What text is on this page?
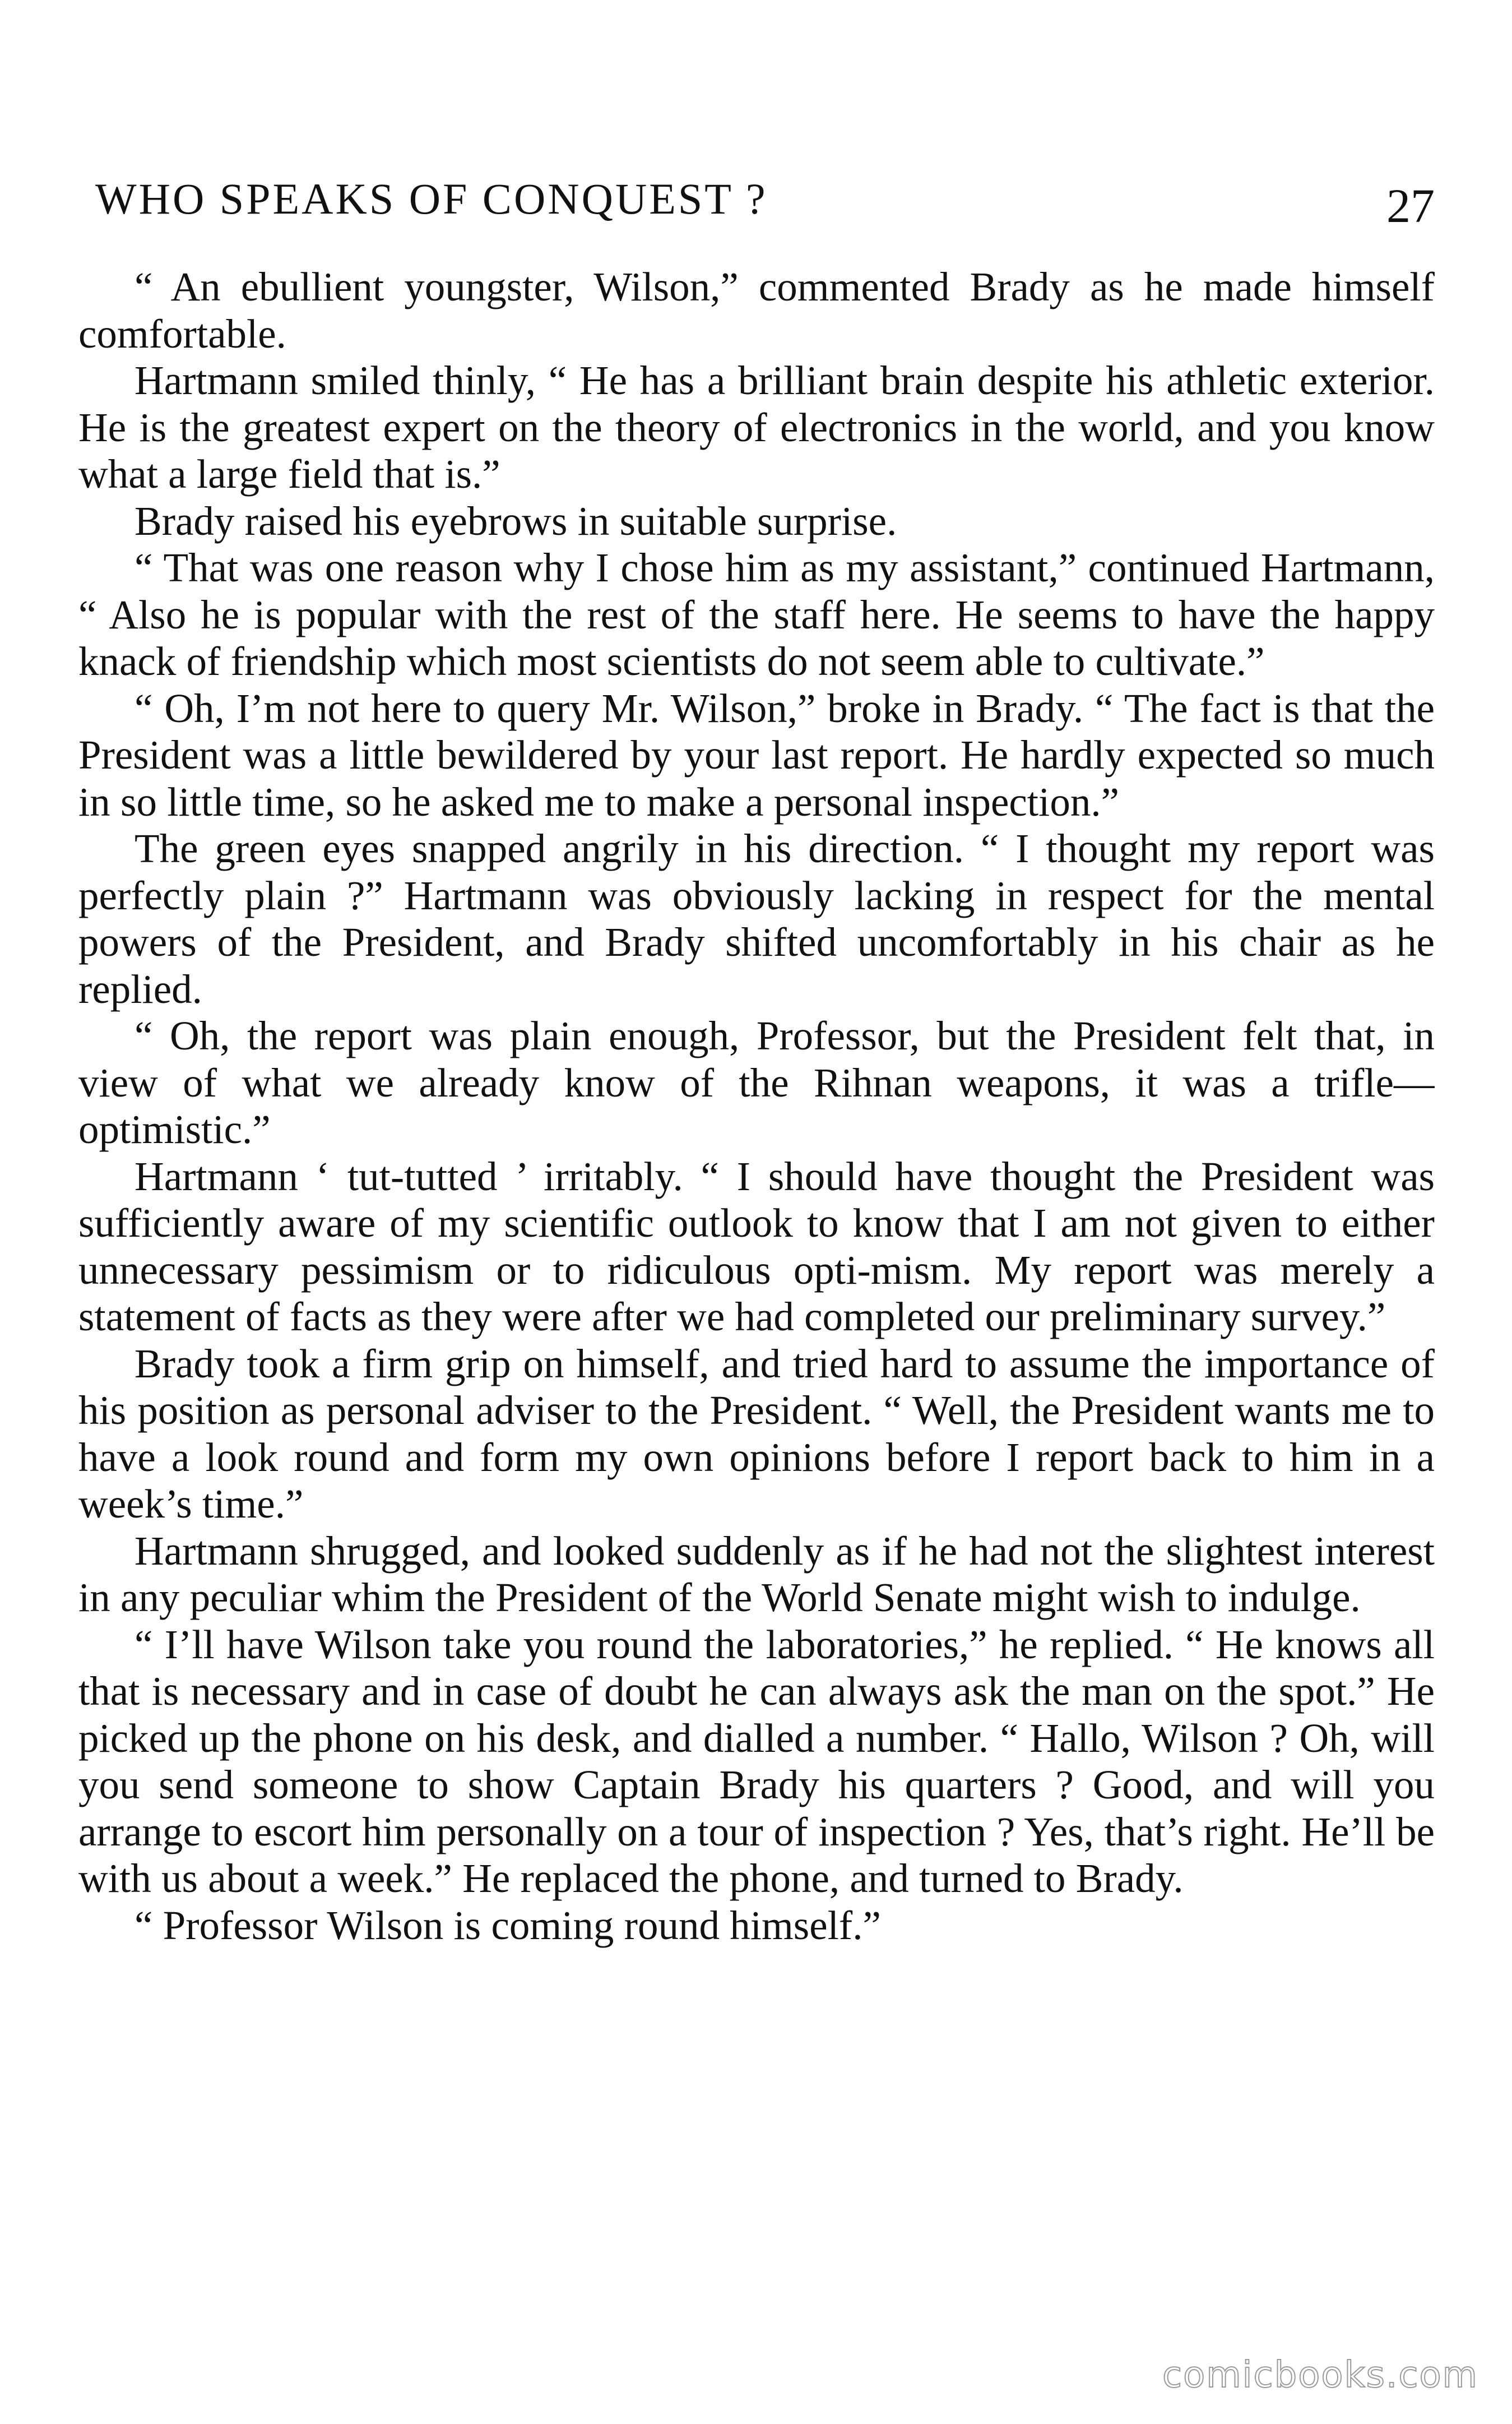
WHO SPEAKS OF CONQUEST ?	27

“ An ebullient youngster, Wilson,” commented Brady as he made himself comfortable.

Hartmann smiled thinly, “ He has a brilliant brain despite his athletic exterior. He is the greatest expert on the theory of electronics in the world, and you know what a large field that is.”

Brady raised his eyebrows in suitable surprise.

“ That was one reason why I chose him as my assistant,” continued Hartmann, “ Also he is popular with the rest of the staff here. He seems to have the happy knack of friendship which most scientists do not seem able to cultivate.”

“ Oh, I’m not here to query Mr. Wilson,” broke in Brady. “ The fact is that the President was a little bewildered by your last report. He hardly expected so much in so little time, so he asked me to make a personal inspection.”

The green eyes snapped angrily in his direction. “ I thought my report was perfectly plain ?” Hartmann was obviously lacking in respect for the mental powers of the President, and Brady shifted uncomfortably in his chair as he replied.

“ Oh, the report was plain enough, Professor, but the President felt that, in view of what we already know of the Rihnan weapons, it was a trifle—optimistic.”

Hartmann ‘ tut-tutted ’ irritably. “ I should have thought the President was sufficiently aware of my scientific outlook to know that I am not given to either unnecessary pessimism or to ridiculous opti-mism. My report was merely a statement of facts as they were after we had completed our preliminary survey.”

Brady took a firm grip on himself, and tried hard to assume the importance of his position as personal adviser to the President. “ Well, the President wants me to have a look round and form my own opinions before I report back to him in a week’s time.”

Hartmann shrugged, and looked suddenly as if he had not the slightest interest in any peculiar whim the President of the World Senate might wish to indulge.

“ I’ll have Wilson take you round the laboratories,” he replied. “ He knows all that is necessary and in case of doubt he can always ask the man on the spot.” He picked up the phone on his desk, and dialled a number. “ Hallo, Wilson ? Oh, will you send someone to show Captain Brady his quarters ? Good, and will you arrange to escort him personally on a tour of inspection ? Yes, that’s right. He’ll be with us about a week.” He replaced the phone, and turned to Brady.

“ Professor Wilson is coming round himself.”

comicbooks.com
